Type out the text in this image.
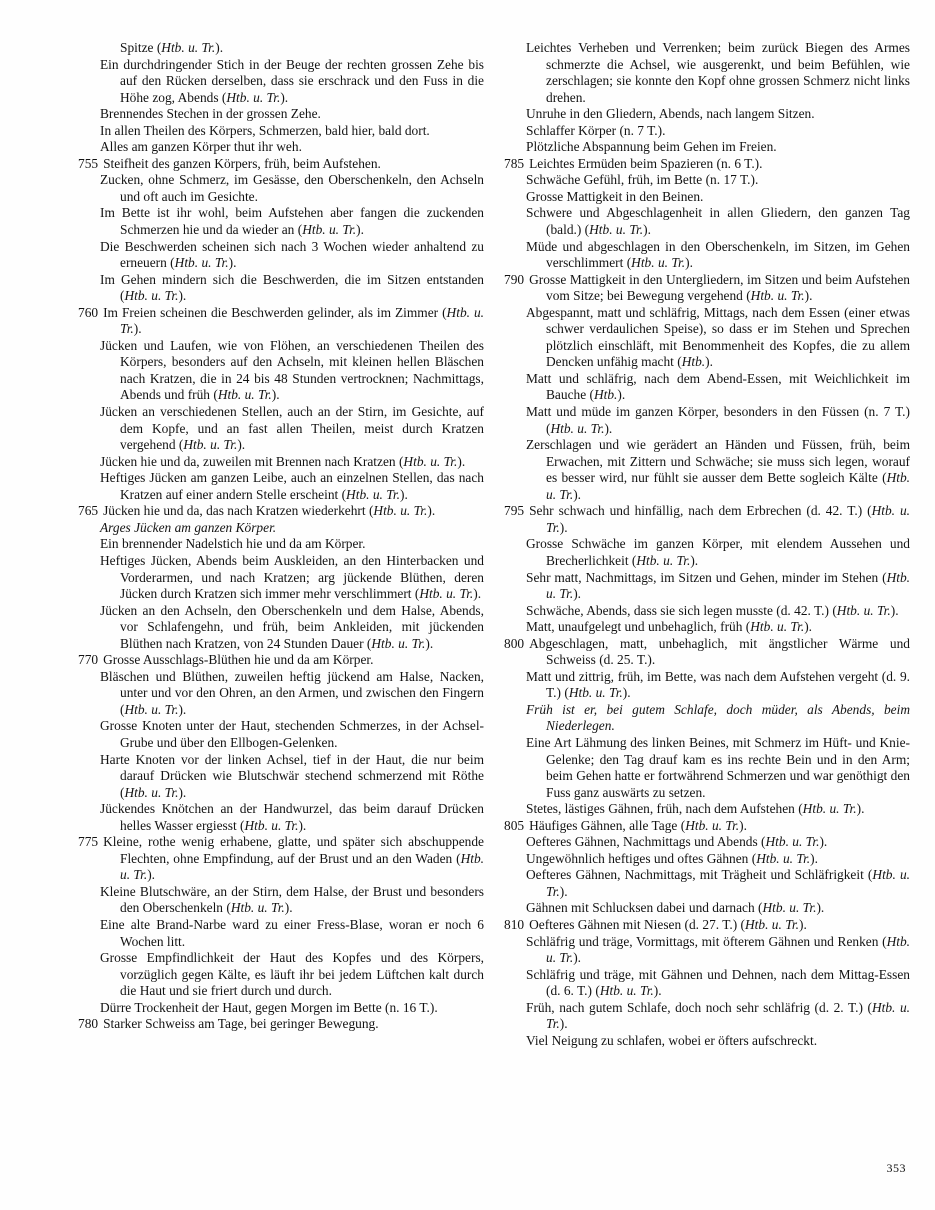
Spitze (Htb. u. Tr.).

Ein durchdringender Stich in der Beuge der rechten grossen Zehe bis auf den Rücken derselben, dass sie erschrack und den Fuss in die Höhe zog, Abends (Htb. u. Tr.).

Brennendes Stechen in der grossen Zehe.

In allen Theilen des Körpers, Schmerzen, bald hier, bald dort.

Alles am ganzen Körper thut ihr weh.

755 Steifheit des ganzen Körpers, früh, beim Aufstehen.

Zucken, ohne Schmerz, im Gesässe, den Oberschenkeln, den Achseln und oft auch im Gesichte.

Im Bette ist ihr wohl, beim Aufstehen aber fangen die zuckenden Schmerzen hie und da wieder an (Htb. u. Tr.).

Die Beschwerden scheinen sich nach 3 Wochen wieder anhaltend zu erneuern (Htb. u. Tr.).

Im Gehen mindern sich die Beschwerden, die im Sitzen entstanden (Htb. u. Tr.).

760 Im Freien scheinen die Beschwerden gelinder, als im Zimmer (Htb. u. Tr.).

Jücken und Laufen, wie von Flöhen, an verschiedenen Theilen des Körpers, besonders auf den Achseln, mit kleinen hellen Bläschen nach Kratzen, die in 24 bis 48 Stunden vertrocknen; Nachmittags, Abends und früh (Htb. u. Tr.).

Jücken an verschiedenen Stellen, auch an der Stirn, im Gesichte, auf dem Kopfe, und an fast allen Theilen, meist durch Kratzen vergehend (Htb. u. Tr.).

Jücken hie und da, zuweilen mit Brennen nach Kratzen (Htb. u. Tr.).

Heftiges Jücken am ganzen Leibe, auch an einzelnen Stellen, das nach Kratzen auf einer andern Stelle erscheint (Htb. u. Tr.).

765 Jücken hie und da, das nach Kratzen wiederkehrt (Htb. u. Tr.).

Arges Jücken am ganzen Körper.

Ein brennender Nadelstich hie und da am Körper.

Heftiges Jücken, Abends beim Auskleiden, an den Hinterbacken und Vorderarmen, und nach Kratzen; arg jückende Blüthen, deren Jücken durch Kratzen sich immer mehr verschlimmert (Htb. u. Tr.).

Jücken an den Achseln, den Oberschenkeln und dem Halse, Abends, vor Schlafengehn, und früh, beim Ankleiden, mit jückenden Blüthen nach Kratzen, von 24 Stunden Dauer (Htb. u. Tr.).

770 Grosse Ausschlags-Blüthen hie und da am Körper.

Bläschen und Blüthen, zuweilen heftig jückend am Halse, Nacken, unter und vor den Ohren, an den Armen, und zwischen den Fingern (Htb. u. Tr.).

Grosse Knoten unter der Haut, stechenden Schmerzes, in der Achsel-Grube und über den Ellbogen-Gelenken.

Harte Knoten vor der linken Achsel, tief in der Haut, die nur beim darauf Drücken wie Blutschwär stechend schmerzend mit Röthe (Htb. u. Tr.).

Jückendes Knötchen an der Handwurzel, das beim darauf Drücken helles Wasser ergiesst (Htb. u. Tr.).

775 Kleine, rothe wenig erhabene, glatte, und später sich abschuppende Flechten, ohne Empfindung, auf der Brust und an den Waden (Htb. u. Tr.).

Kleine Blutschwäre, an der Stirn, dem Halse, der Brust und besonders den Oberschenkeln (Htb. u. Tr.).

Eine alte Brand-Narbe ward zu einer Fress-Blase, woran er noch 6 Wochen litt.

Grosse Empfindlichkeit der Haut des Kopfes und des Körpers, vorzüglich gegen Kälte, es läuft ihr bei jedem Lüftchen kalt durch die Haut und sie friert durch und durch.

Dürre Trockenheit der Haut, gegen Morgen im Bette (n. 16 T.).

780 Starker Schweiss am Tage, bei geringer Bewegung.

Leichtes Verheben und Verrenken; beim zurück Biegen des Armes schmerzte die Achsel, wie ausgerenkt, und beim Befühlen, wie zerschlagen; sie konnte den Kopf ohne grossen Schmerz nicht links drehen.

Unruhe in den Gliedern, Abends, nach langem Sitzen.

Schlaffer Körper (n. 7 T.).

Plötzliche Abspannung beim Gehen im Freien.

785 Leichtes Ermüden beim Spazieren (n. 6 T.).

Schwäche Gefühl, früh, im Bette (n. 17 T.).

Grosse Mattigkeit in den Beinen.

Schwere und Abgeschlagenheit in allen Gliedern, den ganzen Tag (bald.) (Htb. u. Tr.).

Müde und abgeschlagen in den Oberschenkeln, im Sitzen, im Gehen verschlimmert (Htb. u. Tr.).

790 Grosse Mattigkeit in den Untergliedern, im Sitzen und beim Aufstehen vom Sitze; bei Bewegung vergehend (Htb. u. Tr.).

Abgespannt, matt und schläfrig, Mittags, nach dem Essen (einer etwas schwer verdaulichen Speise), so dass er im Stehen und Sprechen plötzlich einschläft, mit Benommenheit des Kopfes, die zu allem Dencken unfähig macht (Htb.).

Matt und schläfrig, nach dem Abend-Essen, mit Weichlichkeit im Bauche (Htb.).

Matt und müde im ganzen Körper, besonders in den Füssen (n. 7 T.) (Htb. u. Tr.).

Zerschlagen und wie gerädert an Händen und Füssen, früh, beim Erwachen, mit Zittern und Schwäche; sie muss sich legen, worauf es besser wird, nur fühlt sie ausser dem Bette sogleich Kälte (Htb. u. Tr.).

795 Sehr schwach und hinfällig, nach dem Erbrechen (d. 42. T.) (Htb. u. Tr.).

Grosse Schwäche im ganzen Körper, mit elendem Aussehen und Brecherlichkeit (Htb. u. Tr.).

Sehr matt, Nachmittags, im Sitzen und Gehen, minder im Stehen (Htb. u. Tr.).

Schwäche, Abends, dass sie sich legen musste (d. 42. T.) (Htb. u. Tr.).

Matt, unaufgelegt und unbehaglich, früh (Htb. u. Tr.).

800 Abgeschlagen, matt, unbehaglich, mit ängstlicher Wärme und Schweiss (d. 25. T.).

Matt und zittrig, früh, im Bette, was nach dem Aufstehen vergeht (d. 9. T.) (Htb. u. Tr.).

Früh ist er, bei gutem Schlafe, doch müder, als Abends, beim Niederlegen.

Eine Art Lähmung des linken Beines, mit Schmerz im Hüft- und Knie-Gelenke; den Tag drauf kam es ins rechte Bein und in den Arm; beim Gehen hatte er fortwährend Schmerzen und war genöthigt den Fuss ganz auswärts zu setzen.

Stetes, lästiges Gähnen, früh, nach dem Aufstehen (Htb. u. Tr.).

805 Häufiges Gähnen, alle Tage (Htb. u. Tr.).

Oefteres Gähnen, Nachmittags und Abends (Htb. u. Tr.).

Ungewöhnlich heftiges und oftes Gähnen (Htb. u. Tr.).

Oefteres Gähnen, Nachmittags, mit Trägheit und Schläfrigkeit (Htb. u. Tr.).

Gähnen mit Schlucksen dabei und darnach (Htb. u. Tr.).

810 Oefteres Gähnen mit Niesen (d. 27. T.) (Htb. u. Tr.).

Schläfrig und träge, Vormittags, mit öfterem Gähnen und Renken (Htb. u. Tr.).

Schläfrig und träge, mit Gähnen und Dehnen, nach dem Mittag-Essen (d. 6. T.) (Htb. u. Tr.).

Früh, nach gutem Schlafe, doch noch sehr schläfrig (d. 2. T.) (Htb. u. Tr.).

Viel Neigung zu schlafen, wobei er öfters aufschreckt.

353
